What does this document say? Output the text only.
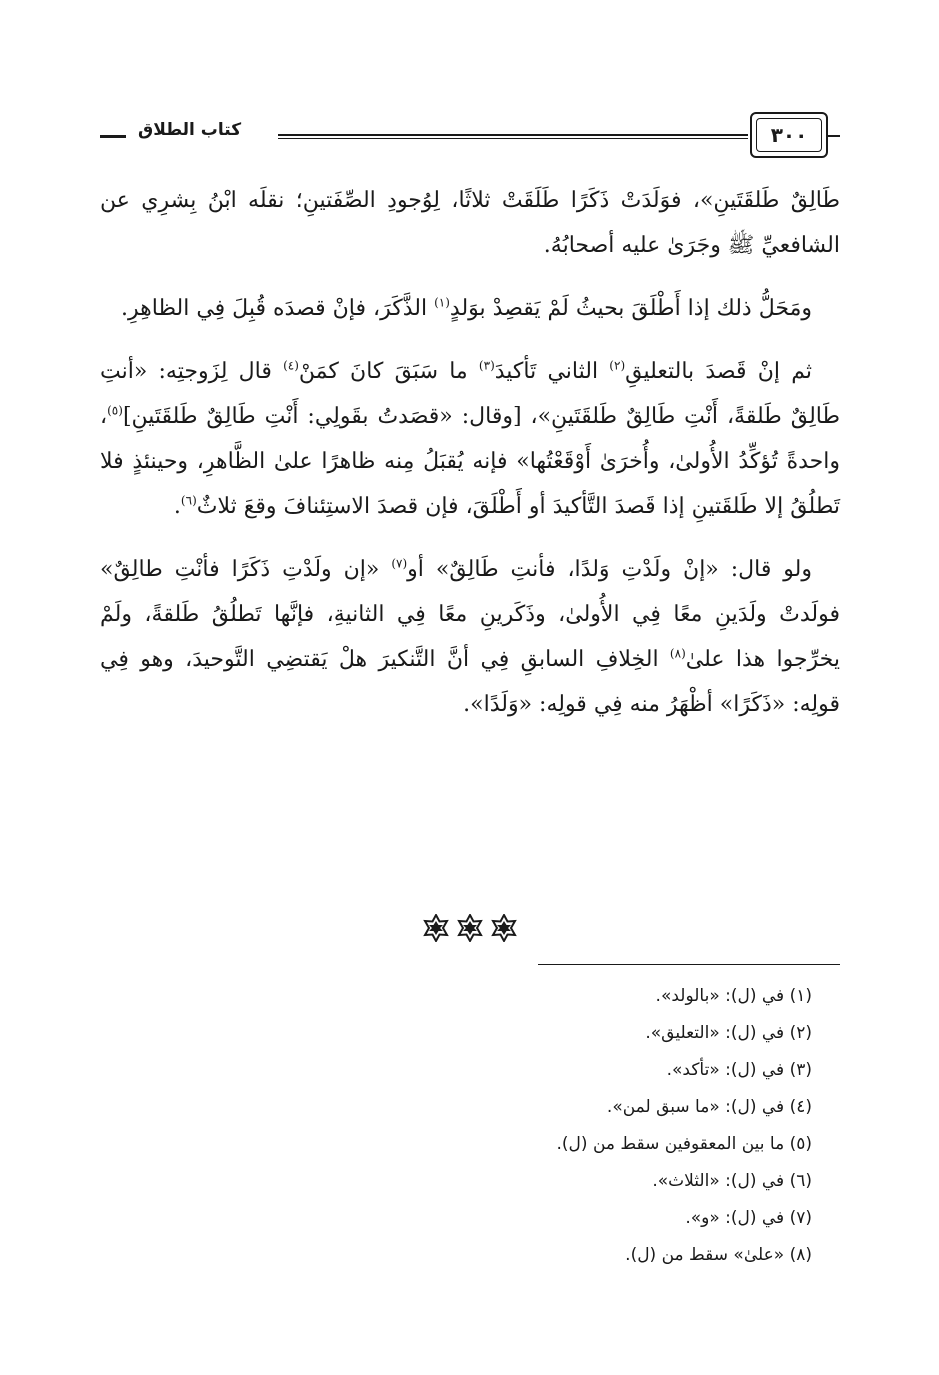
٣٠٠
كتاب الطلاق

طَالِقٌ طَلقَتَينِ»، فوَلَدَتْ ذَكَرًا طَلَقَتْ ثلاثًا، لِوُجودِ الصِّفَتينِ؛ نقلَه ابْنُ بِشرِي عن الشافعيِّ ﷺ وجَرَىٰ عليه أصحابُهُ.

ومَحَلُّ ذلك إذا أَطْلَقَ بحيثُ لَمْ يَقصِدْ بوَلدٍ$^{(١)}$ الذَّكَرَ، فإنْ قصدَه قُبِلَ فِي الظاهِرِ.

ثم إنْ قَصدَ بالتعليقِ$^{(٢)}$ الثاني تَأكيدَ$^{(٣)}$ ما سَبَقَ كانَ كمَنْ$^{(٤)}$ قال لِزَوجتِه: «أنتِ طَالِقٌ طَلقةً، أَنْتِ طَالِقٌ طَلقَتَينِ»، [وقال: «قصَدتُ بقَولِي: أَنْتِ طَالِقٌ طَلقَتَينِ]$^{(٥)}$، واحدةً تُؤكِّدُ الأُولىٰ، وأُخرَىٰ أَوْقَعْتُها» فإنه يُقبَلُ مِنه ظاهرًا علىٰ الظَّاهرِ، وحينئذٍ فلا تَطلُقُ إلا طَلقَتينِ إذا قَصدَ التَّأكيدَ أو أَطْلَقَ، فإن قصدَ الاستِئنافَ وقعَ ثلاثٌ$^{(٦)}$.

ولو قال: «إنْ ولَدْتِ وَلدًا، فأنتِ طَالِقٌ» أو$^{(٧)}$ «إن ولَدْتِ ذَكَرًا فأنْتِ طالِقٌ» فولَدتْ ولَدَينِ معًا فِي الأُولىٰ، وذَكَرينِ معًا فِي الثانيةِ، فإنَّها تَطلُقُ طَلقةً، ولَمْ يخرِّجوا هذا علىٰ$^{(٨)}$ الخِلافِ السابقِ فِي أنَّ التَّنكيرَ هلْ يَقتضِي التَّوحيدَ، وهو فِي قولِه: «ذَكَرًا» أظْهَرُ منه فِي قولِه: «وَلَدًا».

(١) في (ل): «بالولد».
(٢) في (ل): «التعليق».
(٣) في (ل): «تأكد».
(٤) في (ل): «ما سبق لمن».
(٥) ما بين المعقوفين سقط من (ل).
(٦) في (ل): «الثلاث».
(٧) في (ل): «و».
(٨) «علىٰ» سقط من (ل).
